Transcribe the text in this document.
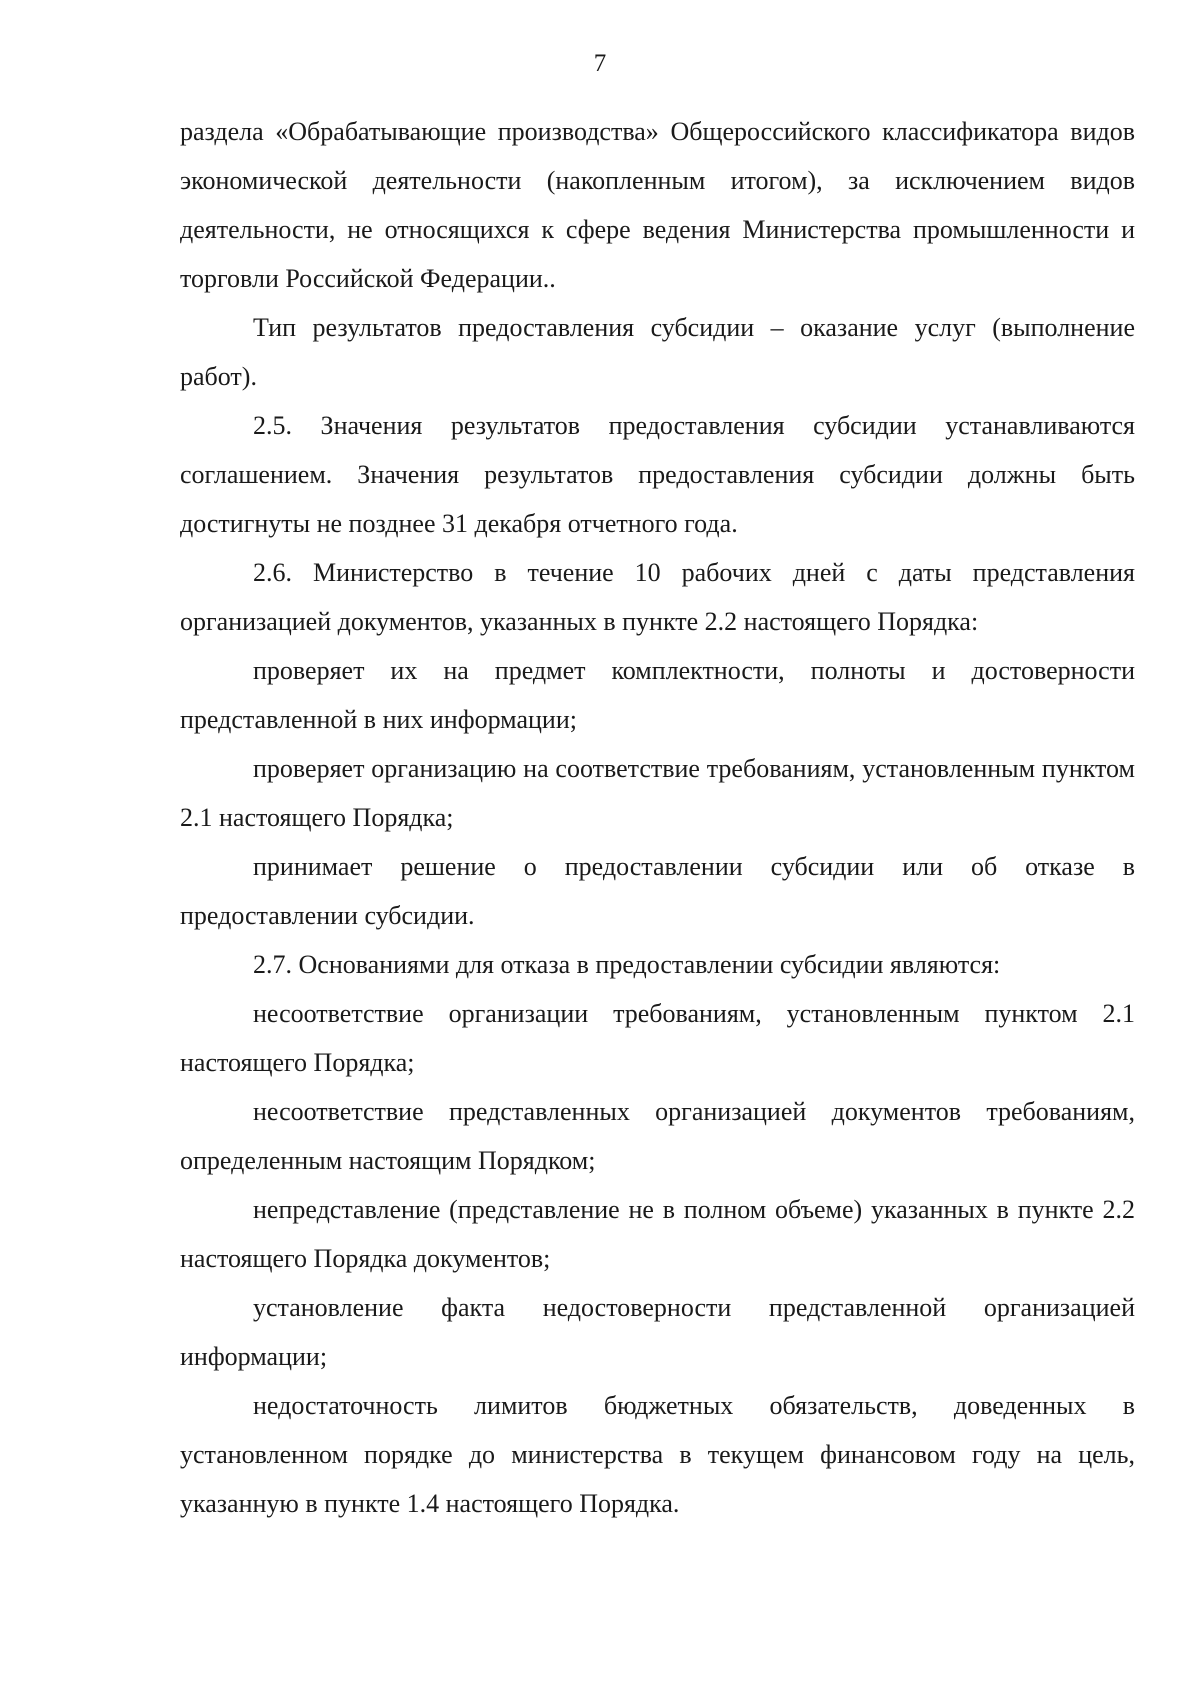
7

раздела «Обрабатывающие производства» Общероссийского классификатора видов экономической деятельности (накопленным итогом), за исключением видов деятельности, не относящихся к сфере ведения Министерства промышленности и торговли Российской Федерации..

Тип результатов предоставления субсидии – оказание услуг (выполнение работ).

2.5. Значения результатов предоставления субсидии устанавливаются соглашением. Значения результатов предоставления субсидии должны быть достигнуты не позднее 31 декабря отчетного года.

2.6. Министерство в течение 10 рабочих дней с даты представления организацией документов, указанных в пункте 2.2 настоящего Порядка:

проверяет их на предмет комплектности, полноты и достоверности представленной в них информации;

проверяет организацию на соответствие требованиям, установленным пунктом 2.1 настоящего Порядка;

принимает решение о предоставлении субсидии или об отказе в предоставлении субсидии.

2.7. Основаниями для отказа в предоставлении субсидии являются:

несоответствие организации требованиям, установленным пунктом 2.1 настоящего Порядка;

несоответствие представленных организацией документов требованиям, определенным настоящим Порядком;

непредставление (представление не в полном объеме) указанных в пункте 2.2 настоящего Порядка документов;

установление факта недостоверности представленной организацией информации;

недостаточность лимитов бюджетных обязательств, доведенных в установленном порядке до министерства в текущем финансовом году на цель, указанную в пункте 1.4 настоящего Порядка.
